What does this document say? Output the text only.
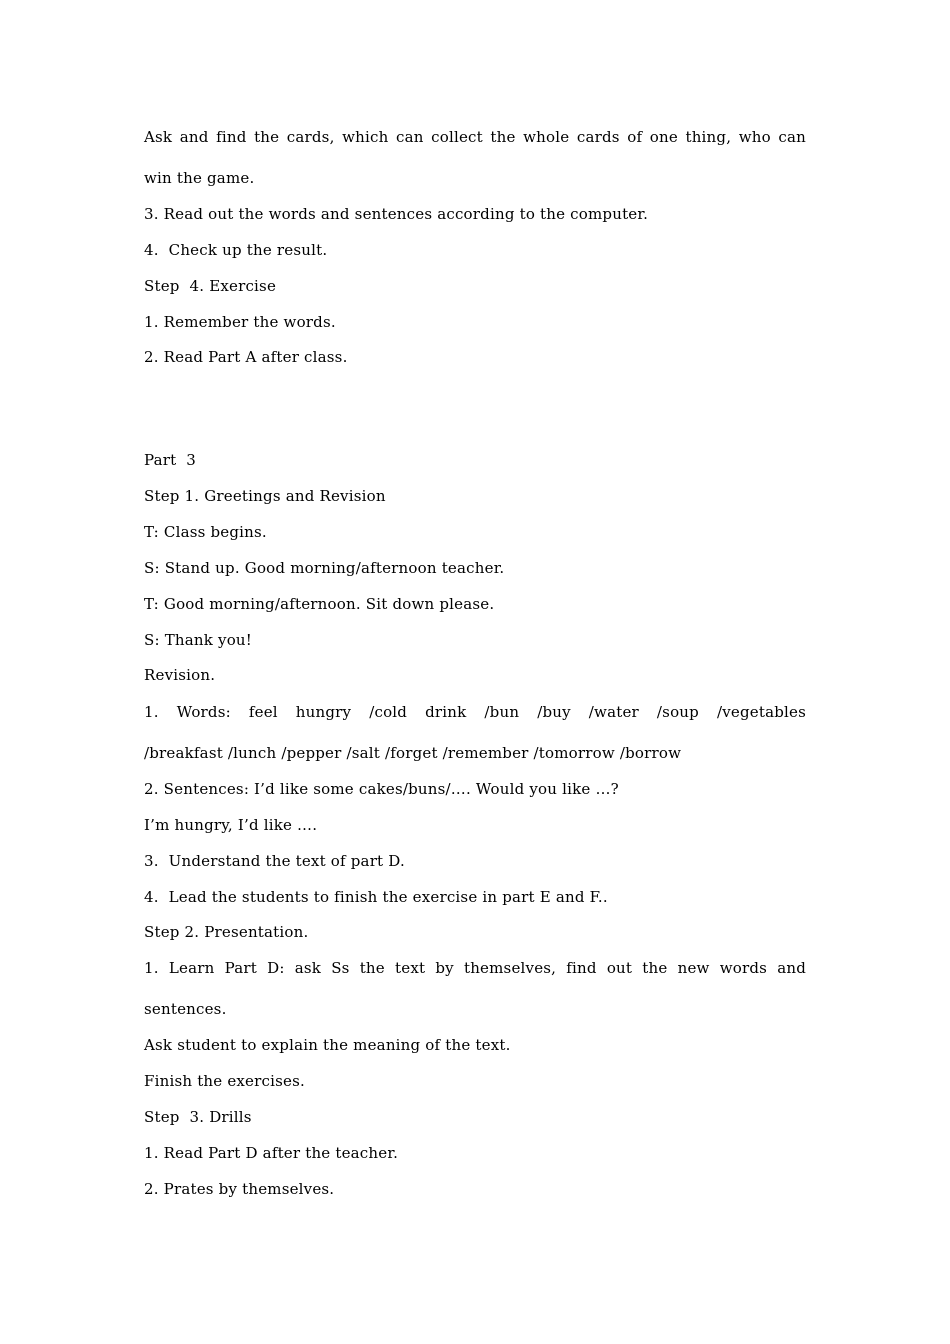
Ask and find the cards, which can collect the whole cards of one thing, who can
win the game.
3. Read out the words and sentences according to the computer.
4.  Check up the result.
Step  4. Exercise
1. Remember the words.
2. Read Part A after class.
Part  3
Step 1. Greetings and Revision
T: Class begins.
S: Stand up. Good morning/afternoon teacher.
T: Good morning/afternoon. Sit down please.
S: Thank you!
Revision.
1. Words: feel hungry /cold drink /bun /buy /water /soup /vegetables
/breakfast /lunch /pepper /salt /forget /remember /tomorrow /borrow
2. Sentences: I’d like some cakes/buns/…. Would you like …?
I’m hungry, I’d like ….
3.  Understand the text of part D.
4.  Lead the students to finish the exercise in part E and F..
Step 2. Presentation.
1. Learn Part D: ask Ss the text by themselves, find out the new words and
sentences.
Ask student to explain the meaning of the text.
Finish the exercises.
Step  3. Drills
1. Read Part D after the teacher.
2. Prates by themselves.
